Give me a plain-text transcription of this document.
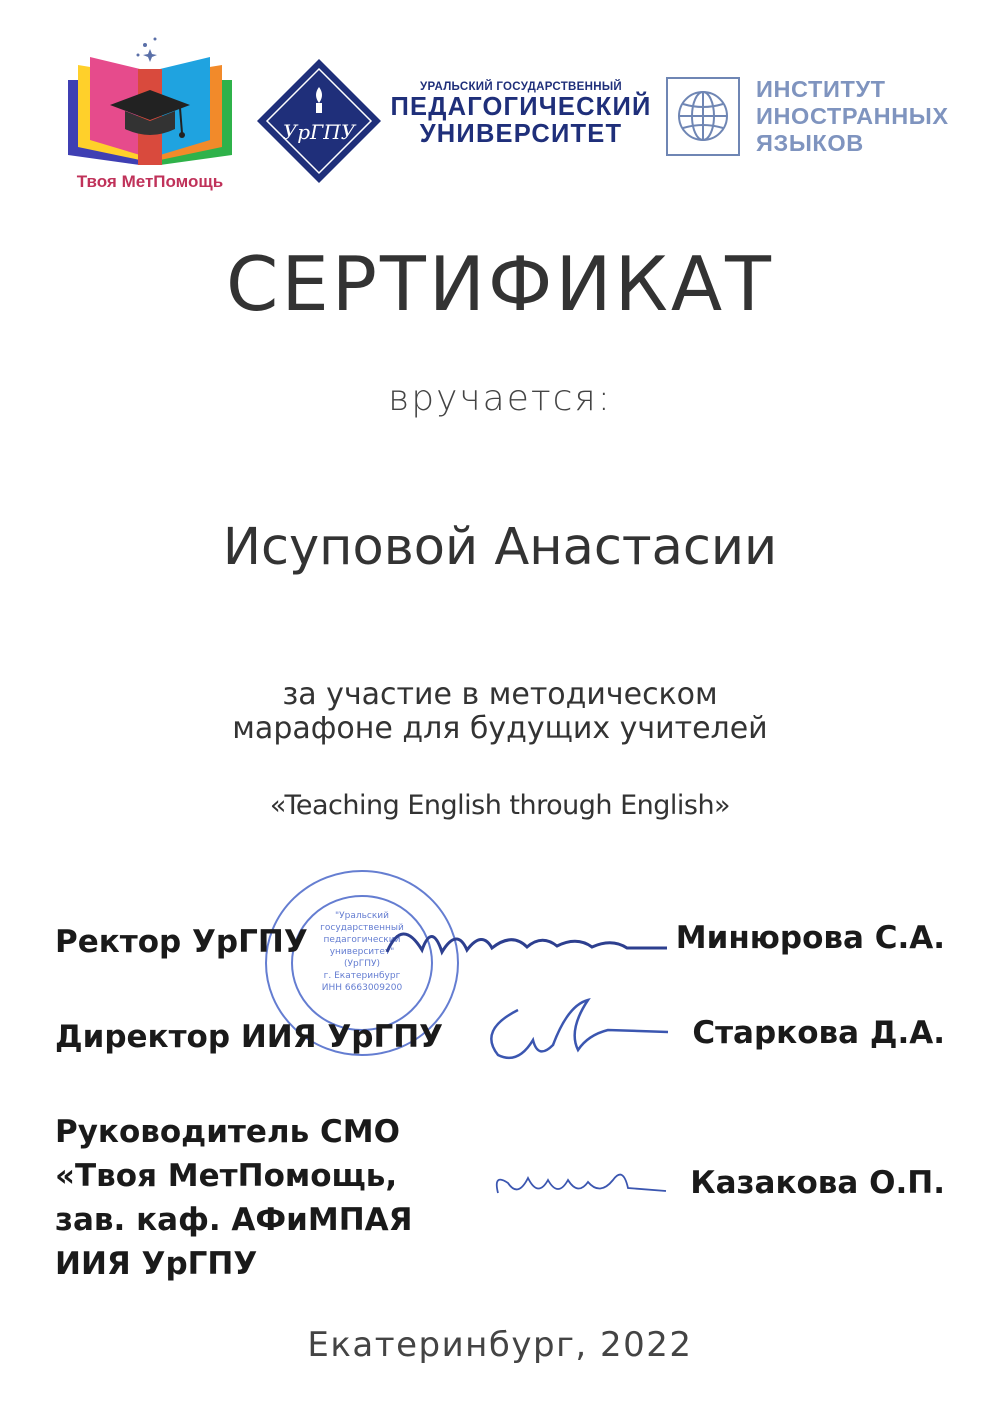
Твоя МетПомощь
УрГПУ
УРАЛЬСКИЙ ГОСУДАРСТВЕННЫЙ
ПЕДАГОГИЧЕСКИЙ
УНИВЕРСИТЕТ
ИНСТИТУТ
ИНОСТРАННЫХ
ЯЗЫКОВ
СЕРТИФИКАТ
вручается:
Исуповой Анастасии
за участие в методическом
марафоне для будущих учителей
«Teaching English through English»
"Уральский
государственный
педагогический
университет"
(УрГПУ)
г. Екатеринбург
ИНН 6663009200
Ректор УрГПУ	Минюрова С.А.
Директор ИИЯ УрГПУ	Старкова Д.А.
Руководитель СМО
«Твоя МетПомощь,
зав. каф. АФиМПАЯ
ИИЯ УрГПУ
Казакова О.П.
Екатеринбург, 2022
